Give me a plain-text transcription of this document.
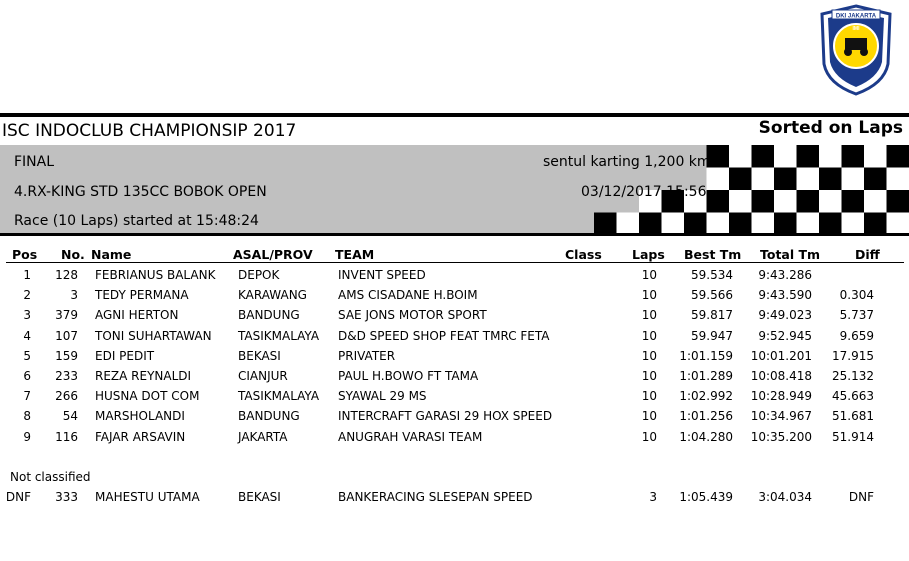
DKI JAKARTA
IMI
ISC INDOCLUB CHAMPIONSIP 2017	Sorted on Laps
FINAL
4.RX-KING STD 135CC BOBOK OPEN
Race (10 Laps) started at 15:48:24
sentul karting 1,200 km
03/12/2017 15:56
Pos No. Name	ASAL/PROV TEAM	Class Laps Best Tm Total Tm	Diff
1	128 FEBRIANUS BALANK	DEPOK	INVENT SPEED	10	59.534	9:43.286
2	3 TEDY PERMANA	KARAWANG	AMS CISADANE H.BOIM	10	59.566	9:43.590	0.304
3	379 AGNI HERTON	BANDUNG	SAE JONS MOTOR SPORT	10	59.817	9:49.023	5.737
4	107 TONI SUHARTAWAN	TASIKMALAYA	D&D SPEED SHOP FEAT TMRC FETA	10	59.947	9:52.945	9.659
5	159 EDI PEDIT	BEKASI	PRIVATER	10	1:01.159	10:01.201	17.915
6	233 REZA REYNALDI	CIANJUR	PAUL H.BOWO FT TAMA	10	1:01.289	10:08.418	25.132
7	266 HUSNA DOT COM	TASIKMALAYA	SYAWAL 29 MS	10	1:02.992	10:28.949	45.663
8	54 MARSHOLANDI	BANDUNG	INTERCRAFT GARASI 29 HOX SPEED	10	1:01.256	10:34.967	51.681
9	116 FAJAR ARSAVIN	JAKARTA	ANUGRAH VARASI TEAM	10	1:04.280	10:35.200	51.914
Not classified
DNF	333 MAHESTU UTAMA	BEKASI	BANKERACING SLESEPAN SPEED	3	1:05.439	3:04.034	DNF
